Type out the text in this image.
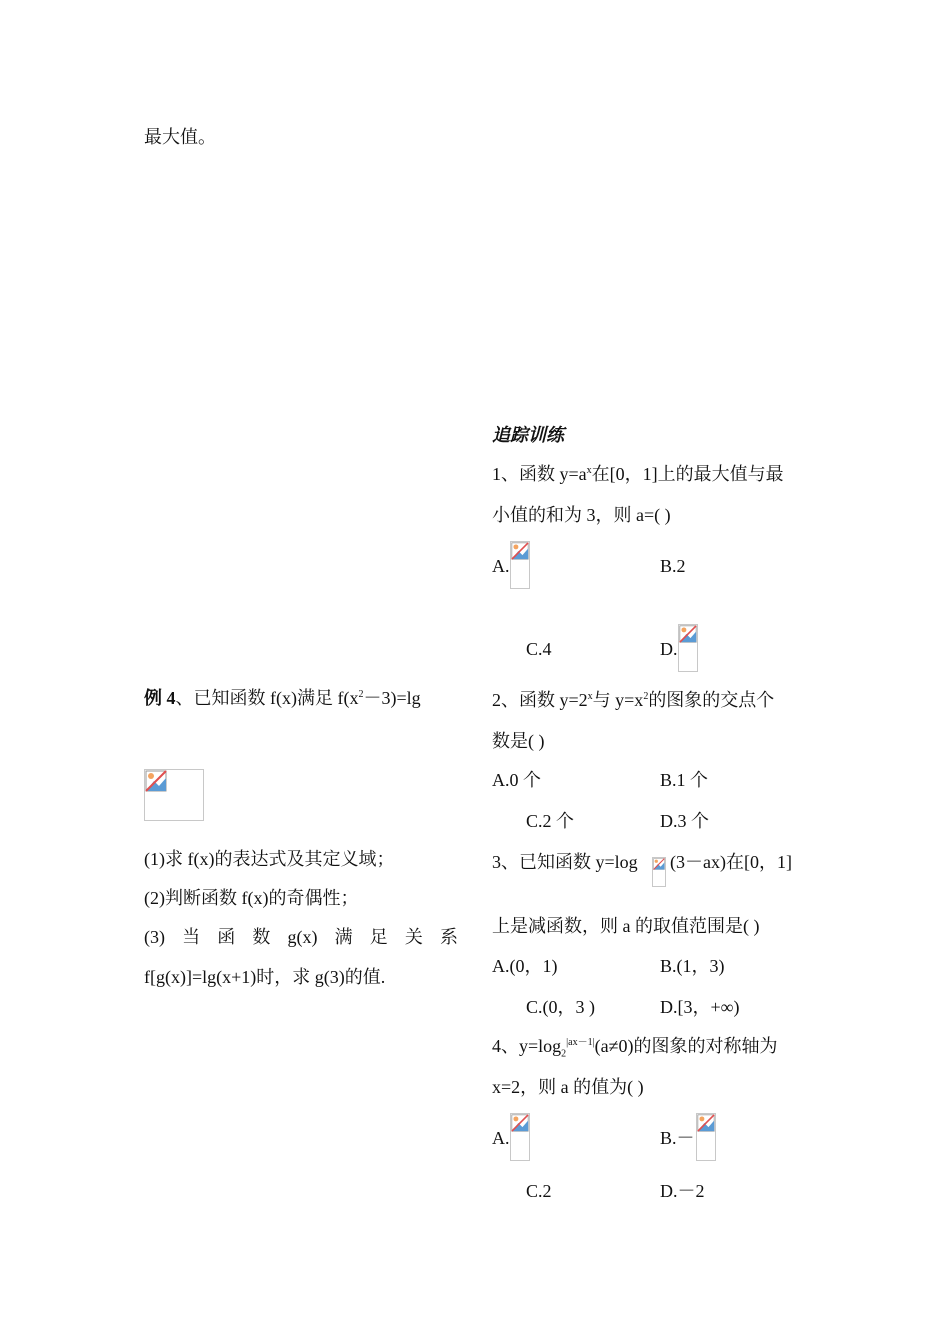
最大值。
例 4、已知函数 f(x)满足 $f(x^2-3)=\lg$
(1)求 f(x)的表达式及其定义域；
(2)判断函数 f(x)的奇偶性；
(3) 当 函 数 g(x) 满 足 关 系
f[g(x)]=lg(x+1)时，求 g(3)的值.
追踪训练
1、函数 $y=a^x$在[0，1]上的最大值与最
小值的和为 3，则 a=( )
A.	B.2
C.4	D.
2、函数 $y=2^x$与 $y=x^2$的图象的交点个
数是( )
A.0 个	B.1 个
C.2 个	D.3 个
3、已知函数 y=log (3－ax)在[0，1]
上是减函数，则 a 的取值范围是( )
A.(0，1)	B.(1，3)
C.(0，3 )	D.[3，+∞)
4、$y=\log_2^{|ax-1|}(a\ne 0)$的图象的对称轴为
x=2，则 a 的值为( )
A.	B.－
C.2	D.－2
